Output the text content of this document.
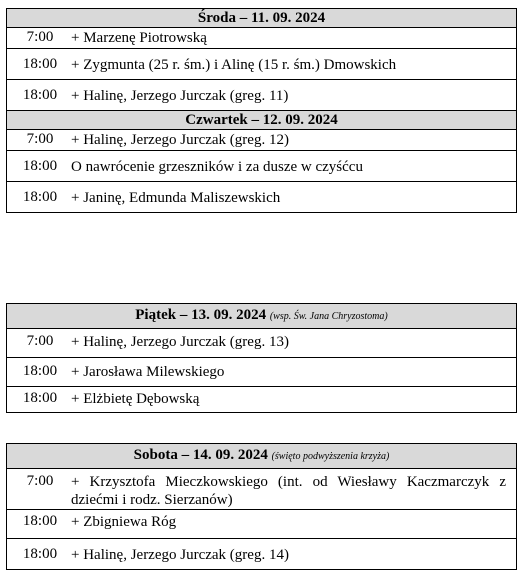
Środa – 11. 09. 2024

7:00	+ Marzenę Piotrowską

18:00 + Zygmunta (25 r. śm.) i Alinę (15 r. śm.) Dmowskich

18:00 + Halinę, Jerzego Jurczak (greg. 11)

Czwartek – 12. 09. 2024

7:00	+ Halinę, Jerzego Jurczak (greg. 12)

18:00 O nawrócenie grzeszników i za dusze w czyśćcu

18:00 + Janinę, Edmunda Maliszewskich
Piątek – 13. 09. 2024 (wsp. Św. Jana Chryzostoma)

7:00	+ Halinę, Jerzego Jurczak (greg. 13)

18:00 + Jarosława Milewskiego

18:00 + Elżbietę Dębowską
Sobota – 14. 09. 2024 (święto podwyższenia krzyża)

7:00	+ Krzysztofa Mieczkowskiego (int. od Wiesławy Kaczmarczyk z dziećmi i rodz. Sierzanów)

18:00 + Zbigniewa Róg

18:00 + Halinę, Jerzego Jurczak (greg. 14)
